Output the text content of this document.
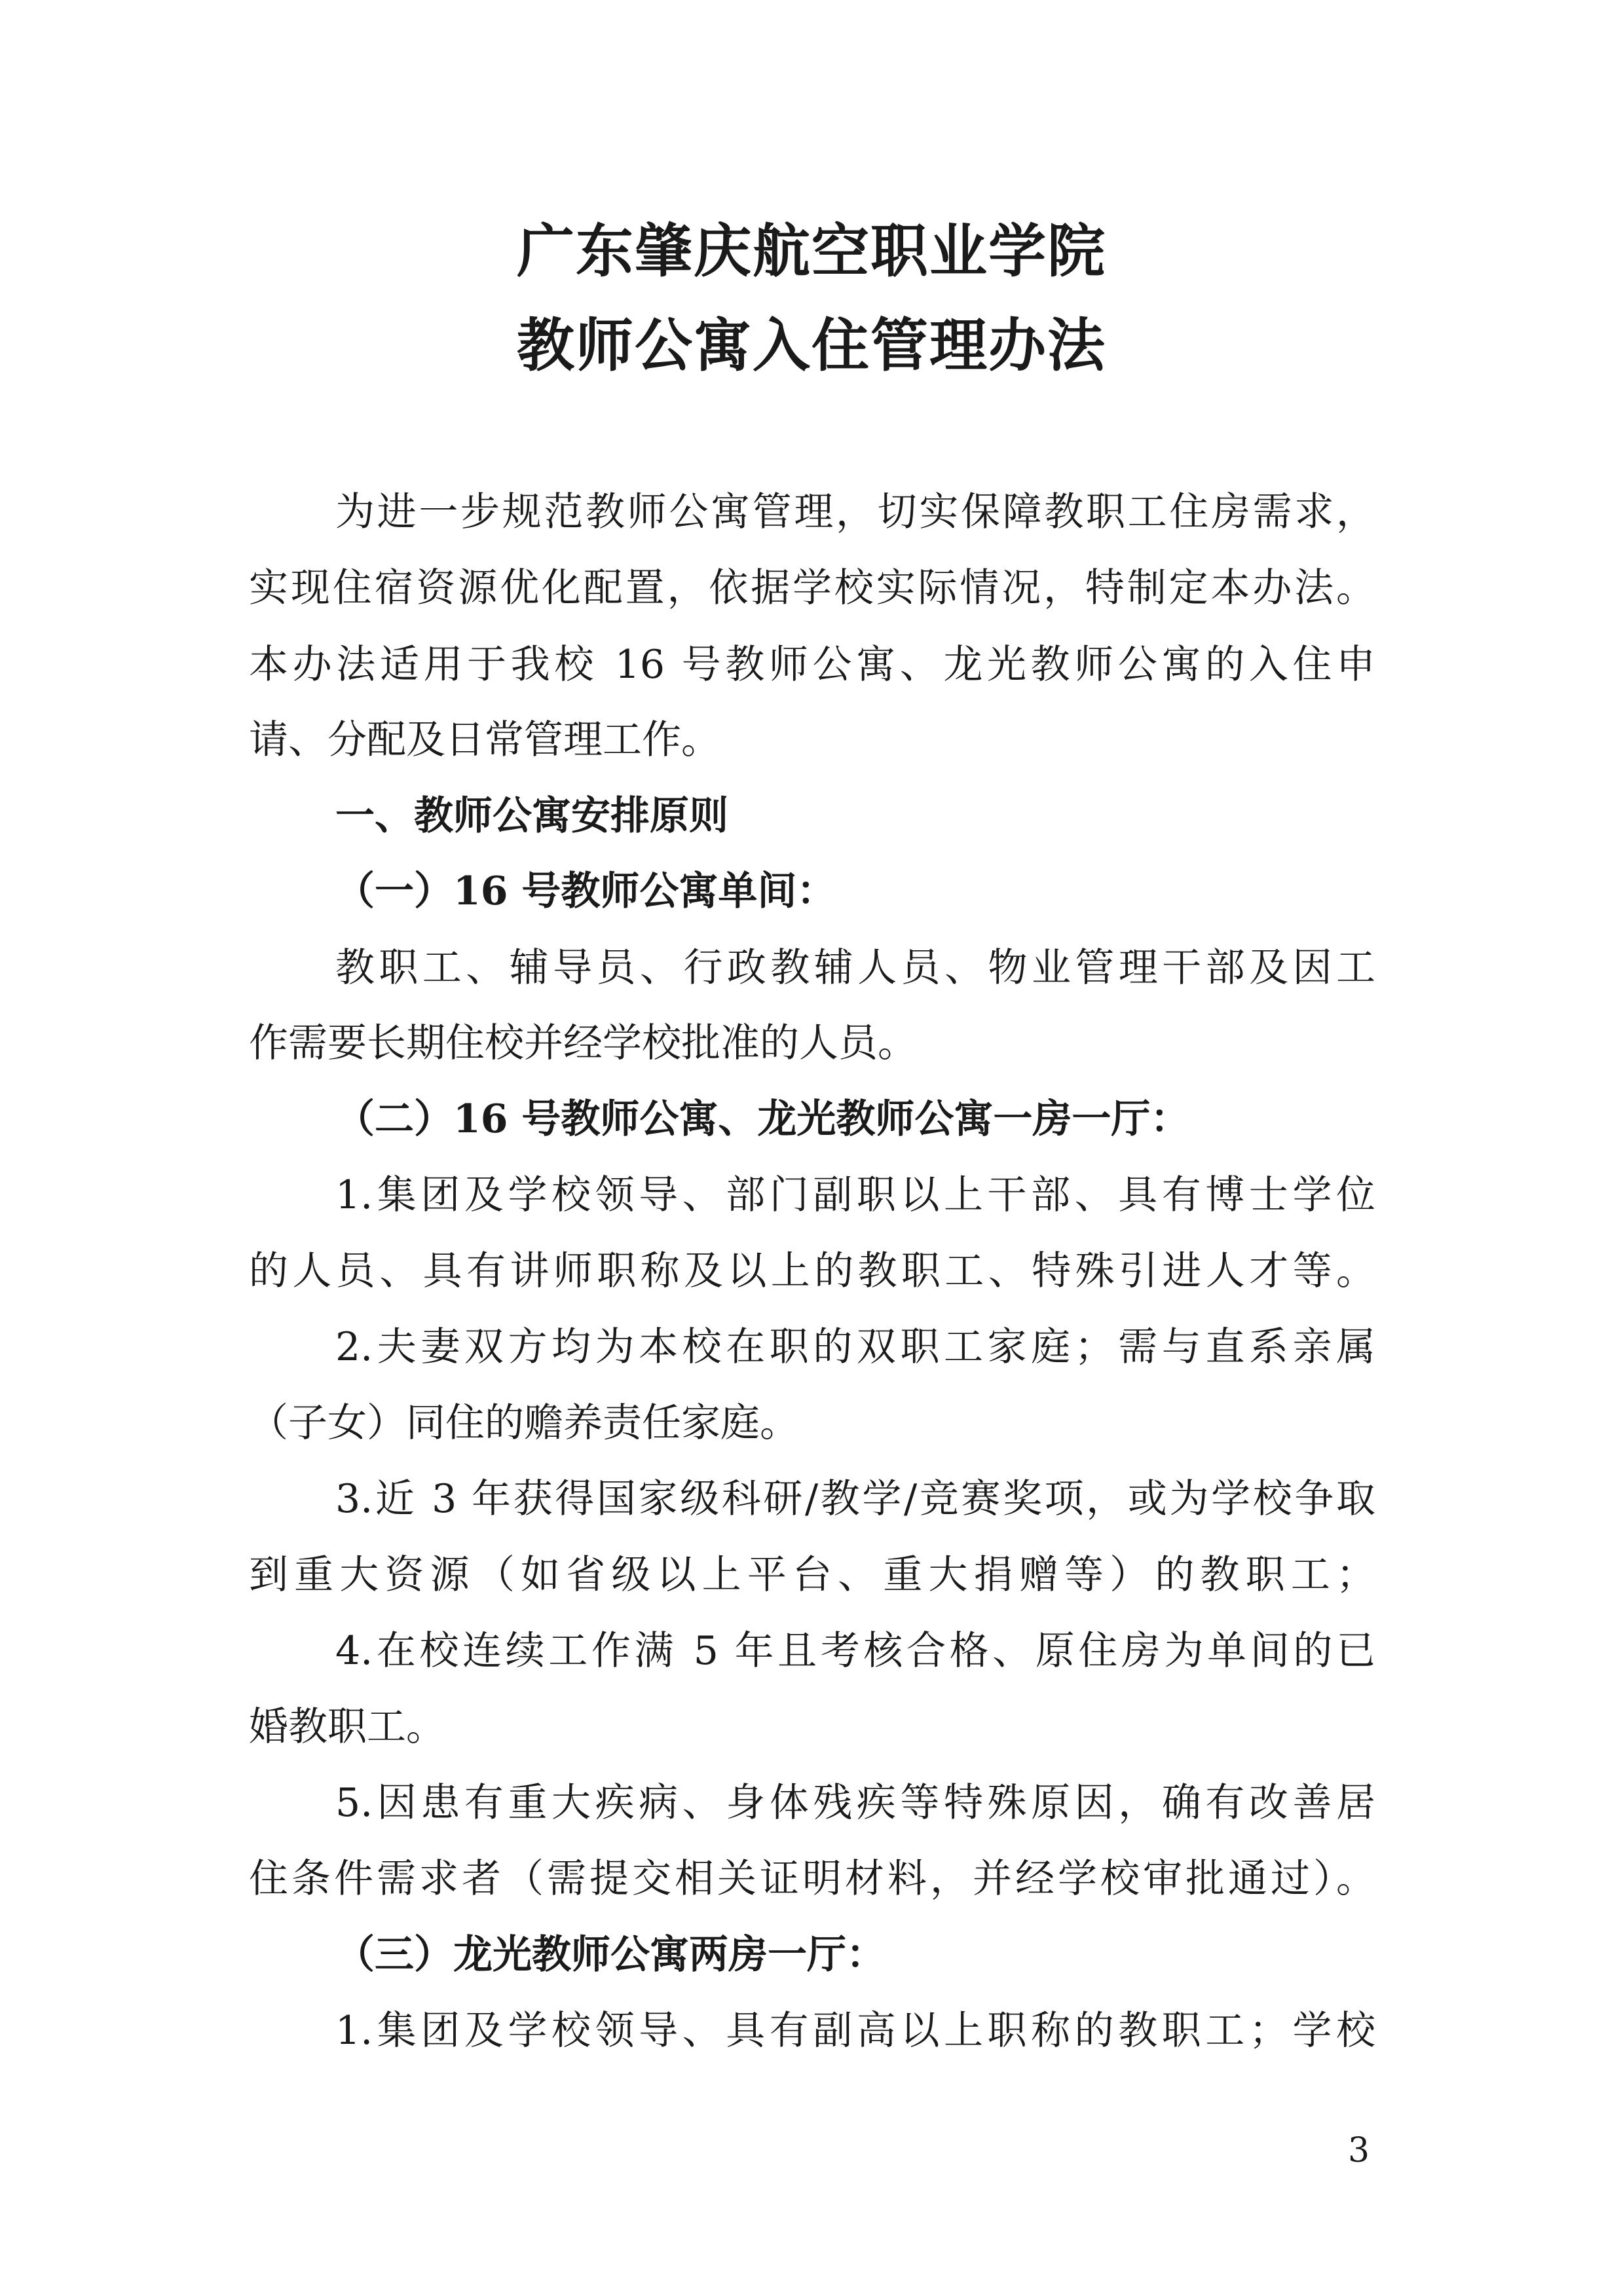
广东肇庆航空职业学院
教师公寓入住管理办法
为进一步规范教师公寓管理，切实保障教职工住房需求，
实现住宿资源优化配置，依据学校实际情况，特制定本办法。
本办法适用于我校 16 号教师公寓、龙光教师公寓的入住申
请、分配及日常管理工作。
一、教师公寓安排原则
（一）16 号教师公寓单间：
教职工、辅导员、行政教辅人员、物业管理干部及因工
作需要长期住校并经学校批准的人员。
（二）16 号教师公寓、龙光教师公寓一房一厅：
1.集团及学校领导、部门副职以上干部、具有博士学位
的人员、具有讲师职称及以上的教职工、特殊引进人才等。
2.夫妻双方均为本校在职的双职工家庭；需与直系亲属
（子女）同住的赡养责任家庭。
3.近 3 年获得国家级科研/教学/竞赛奖项，或为学校争取
到重大资源（如省级以上平台、重大捐赠等）的教职工；
4.在校连续工作满 5 年且考核合格、原住房为单间的已
婚教职工。
5.因患有重大疾病、身体残疾等特殊原因，确有改善居
住条件需求者（需提交相关证明材料，并经学校审批通过）。
（三）龙光教师公寓两房一厅：
1.集团及学校领导、具有副高以上职称的教职工；学校
3
